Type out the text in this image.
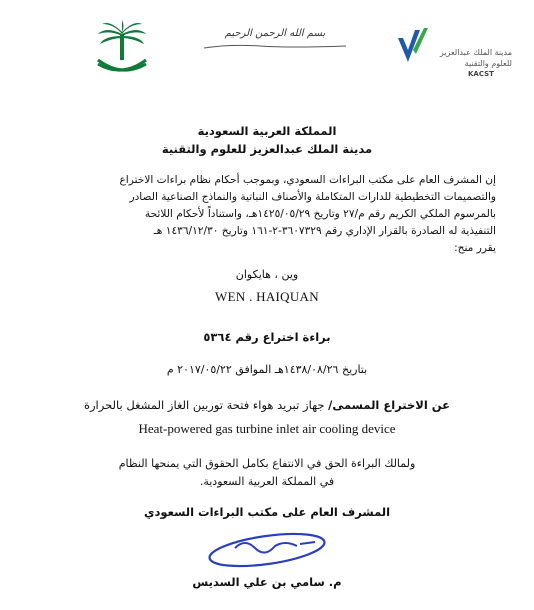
مدينة الملك عبدالعزيز
للعلوم والتقنية
KACST
بسم الله الرحمن الرحيم
المملكة العربية السعودية
مدينة الملك عبدالعزيز للعلوم والتقنية
إن المشرف العام على مكتب البراءات السعودي، وبموجب أحكام نظام براءات الاختراع
والتصميمات التخطيطية للدارات المتكاملة والأصناف النباتية والنماذج الصناعية الصادر
بالمرسوم الملكي الكريم رقم م/٢٧ وتاريخ ١٤٢٥/٠٥/٢٩هـ، واستناداً لأحكام اللائحة
التنفيذية له الصادرة بالقرار الإداري رقم ٣٦٠٧٣٢٩-٢-١٦١ وتاريخ ١٤٣٦/١٢/٣٠ هـ
يقرر منح:
وين ، هايكوان
WEN . HAIQUAN
براءة اختراع رقم ٥٣٦٤
بتاريخ ١٤٣٨/٠٨/٢٦هـ الموافق ٢٠١٧/٠٥/٢٢ م
عن الاختراع المسمى/ جهاز تبريد هواء فتحة توربين الغاز المشغل بالحرارة
Heat-powered gas turbine inlet air cooling device
ولمالك البراءة الحق في الانتفاع بكامل الحقوق التي يمنحها النظام
في المملكة العربية السعودية.
المشرف العام على مكتب البراءات السعودي
م. سامي بن علي السديس
